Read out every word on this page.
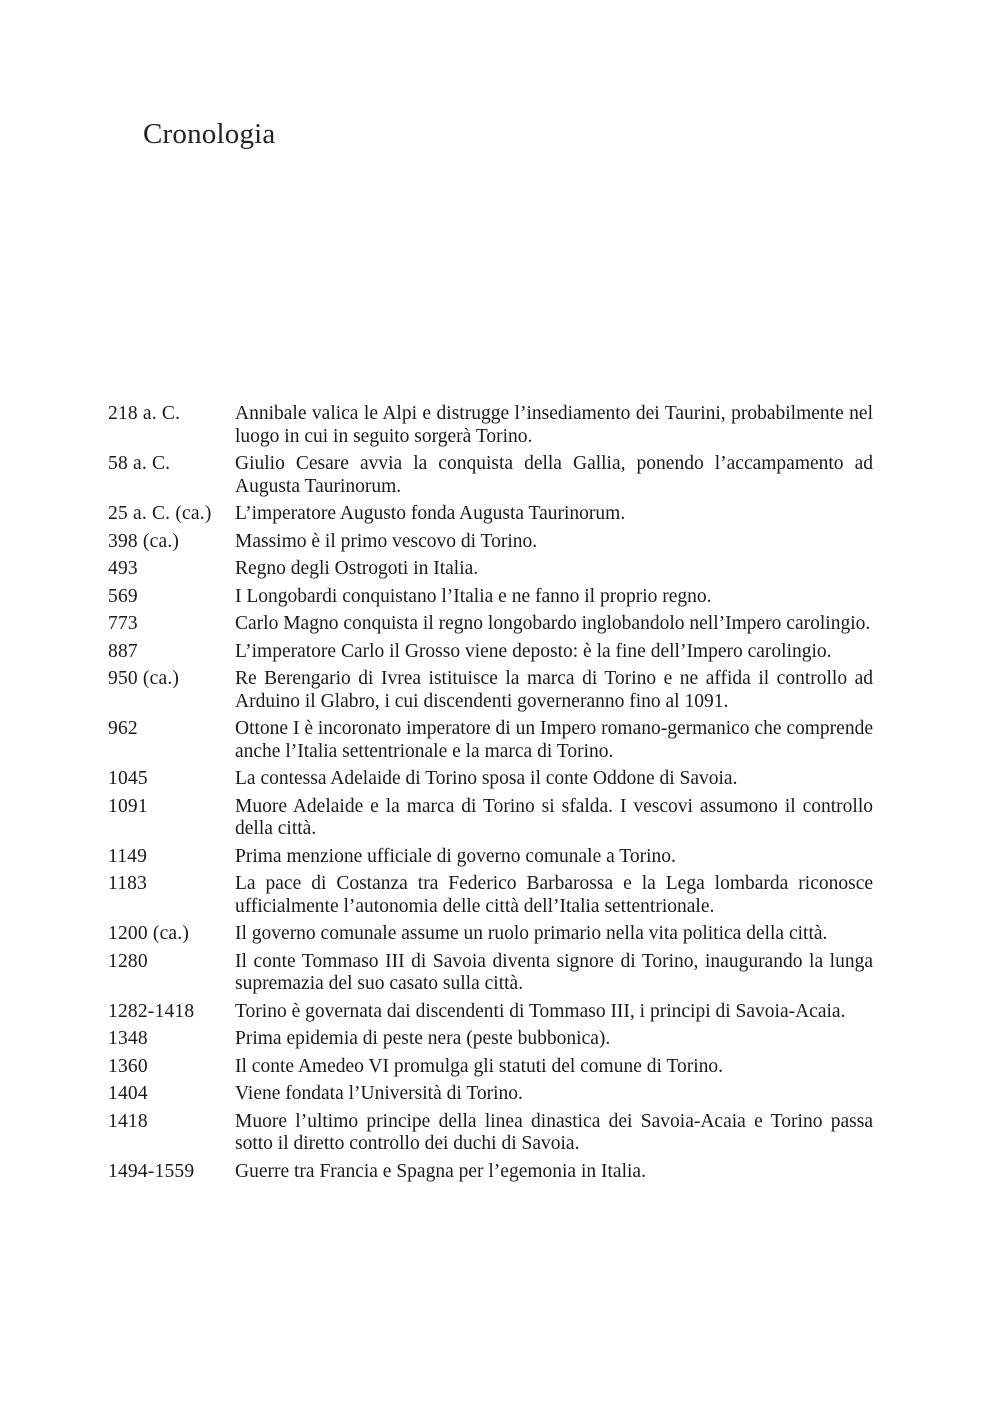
Cronologia
218 a. C.	Annibale valica le Alpi e distrugge l’insediamento dei Taurini, probabilmente nel luogo in cui in seguito sorgerà Torino.
58 a. C.	Giulio Cesare avvia la conquista della Gallia, ponendo l’accampamento ad Augusta Taurinorum.
25 a. C. (ca.)	L’imperatore Augusto fonda Augusta Taurinorum.
398 (ca.)	Massimo è il primo vescovo di Torino.
493	Regno degli Ostrogoti in Italia.
569	I Longobardi conquistano l’Italia e ne fanno il proprio regno.
773	Carlo Magno conquista il regno longobardo inglobandolo nell’Impero carolingio.
887	L’imperatore Carlo il Grosso viene deposto: è la fine dell’Impero carolingio.
950 (ca.)	Re Berengario di Ivrea istituisce la marca di Torino e ne affida il controllo ad Arduino il Glabro, i cui discendenti governeranno fino al 1091.
962	Ottone I è incoronato imperatore di un Impero romano-germanico che comprende anche l’Italia settentrionale e la marca di Torino.
1045	La contessa Adelaide di Torino sposa il conte Oddone di Savoia.
1091	Muore Adelaide e la marca di Torino si sfalda. I vescovi assumono il controllo della città.
1149	Prima menzione ufficiale di governo comunale a Torino.
1183	La pace di Costanza tra Federico Barbarossa e la Lega lombarda riconosce ufficialmente l’autonomia delle città dell’Italia settentrionale.
1200 (ca.)	Il governo comunale assume un ruolo primario nella vita politica della città.
1280	Il conte Tommaso III di Savoia diventa signore di Torino, inaugurando la lunga supremazia del suo casato sulla città.
1282-1418	Torino è governata dai discendenti di Tommaso III, i principi di Savoia-Acaia.
1348	Prima epidemia di peste nera (peste bubbonica).
1360	Il conte Amedeo VI promulga gli statuti del comune di Torino.
1404	Viene fondata l’Università di Torino.
1418	Muore l’ultimo principe della linea dinastica dei Savoia-Acaia e Torino passa sotto il diretto controllo dei duchi di Savoia.
1494-1559	Guerre tra Francia e Spagna per l’egemonia in Italia.
